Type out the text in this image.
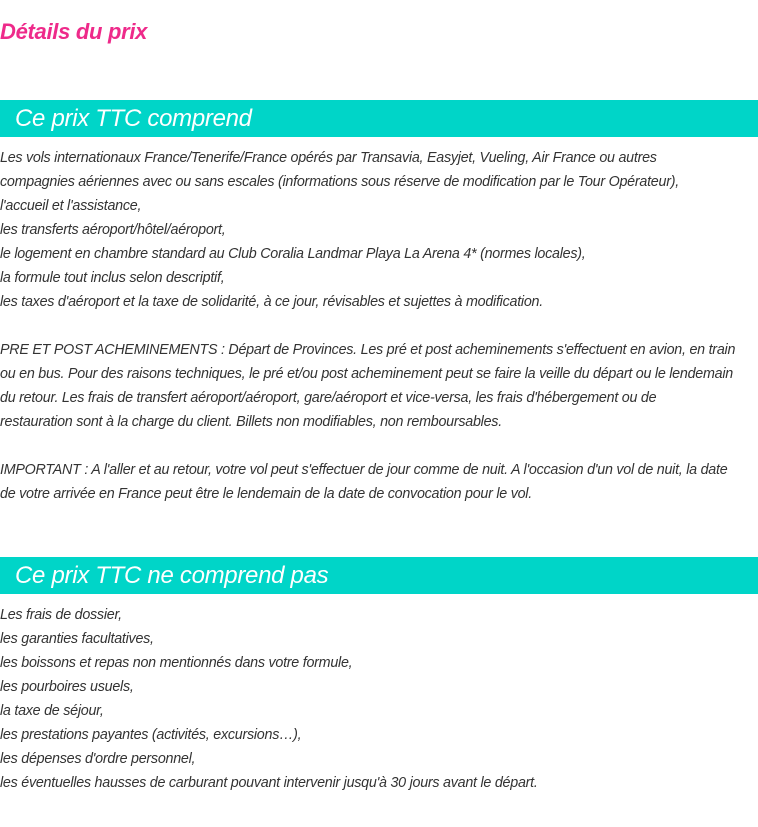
Détails du prix
Ce prix TTC comprend
Les vols internationaux France/Tenerife/France opérés par Transavia, Easyjet, Vueling, Air France ou autres
compagnies aériennes avec ou sans escales (informations sous réserve de modification par le Tour Opérateur),
l'accueil et l'assistance,
les transferts aéroport/hôtel/aéroport,
le logement en chambre standard au Club Coralia Landmar Playa La Arena 4* (normes locales),
la formule tout inclus selon descriptif,
les taxes d'aéroport et la taxe de solidarité, à ce jour, révisables et sujettes à modification.
PRE ET POST ACHEMINEMENTS : Départ de Provinces. Les pré et post acheminements s'effectuent en avion, en train
ou en bus. Pour des raisons techniques, le pré et/ou post acheminement peut se faire la veille du départ ou le lendemain
du retour. Les frais de transfert aéroport/aéroport, gare/aéroport et vice-versa, les frais d'hébergement ou de
restauration sont à la charge du client. Billets non modifiables, non remboursables.
IMPORTANT : A l'aller et au retour, votre vol peut s'effectuer de jour comme de nuit. A l'occasion d'un vol de nuit, la date
de votre arrivée en France peut être le lendemain de la date de convocation pour le vol.
Ce prix TTC ne comprend pas
Les frais de dossier,
les garanties facultatives,
les boissons et repas non mentionnés dans votre formule,
les pourboires usuels,
la taxe de séjour,
les prestations payantes (activités, excursions…),
les dépenses d'ordre personnel,
les éventuelles hausses de carburant pouvant intervenir jusqu'à 30 jours avant le départ.
